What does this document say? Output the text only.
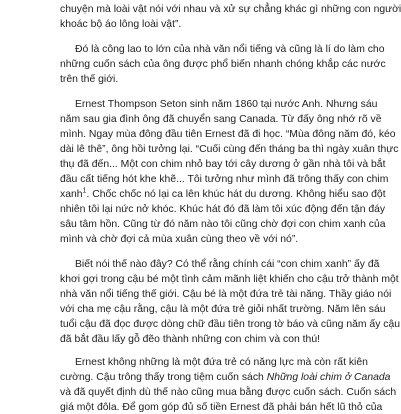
chuyện mà loài vật nói với nhau và xử sự chẳng khác gì những con người

khoác bộ áo lông loài vật”.

Đó là công lao to lớn của nhà văn nổi tiếng và cũng là lí do làm cho

những cuốn sách của ông được phổ biến nhanh chóng khắp các nước

trên thế giới.

Ernest Thompson Seton sinh năm 1860 tại nước Anh. Nhưng sáu

năm sau gia đình ông đã chuyển sang Canada. Từ đấy ông nhớ rõ về

mình. Ngay mùa đông đầu tiên Ernest đã đi học. “Mùa đông năm đó, kéo

dài lê thê”, ông hồi tưởng lại. “Cuối cùng đến tháng ba thì ngày xuân thực

thụ đã đến... Một con chim nhỏ bay tới cây dương ở gần nhà tôi và bắt

đầu cất tiếng hót khe khẽ... Tôi tưởng như mình đã trông thấy con chim

xanh$^1$. Chốc chốc nó lại ca lên khúc hát du dương. Không hiểu sao đột

nhiên tôi lại nức nở khóc. Khúc hát đó đã làm tôi xúc động đến tận đáy

sâu tâm hồn. Cũng từ đó năm nào tôi cũng chờ đợi con chim xanh của

mình và chờ đợi cả mùa xuân cùng theo về với nó”.

Biết nói thế nào đây? Có thể rằng chính cái “con chim xanh” ấy đã

khơi gợi trong cậu bé một tình cảm mãnh liệt khiến cho cậu trở thành một

nhà văn nổi tiếng thế giới. Cậu bé là một đứa trẻ tài năng. Thầy giáo nói

với cha mẹ cậu rằng, cậu là một đứa trẻ giỏi nhất trường. Năm lên sáu

tuổi cậu đã đọc được dòng chữ đầu tiên trong tờ báo và cũng năm ấy cậu

đã bắt đầu lấy gỗ đẽo thành những con chim và con thú!

Ernest không những là một đứa trẻ có năng lực mà còn rất kiên

cường. Cậu trông thấy trong tiệm cuốn sách Những loài chim ở Canada

và đã quyết định dù thế nào cũng mua bằng được cuốn sách. Cuốn sách

giá một đôla. Để gom góp đủ số tiền Ernest đã phải bán hết lũ thỏ của
